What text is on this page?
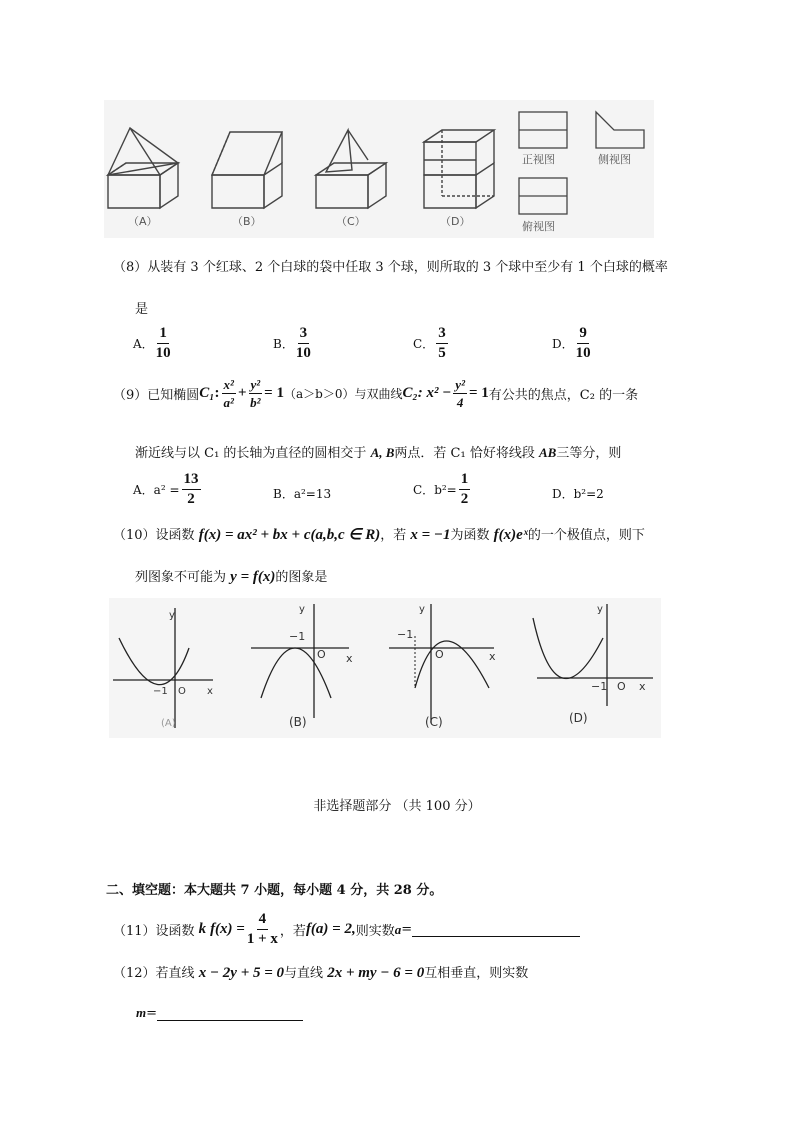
（A）	（B）	（C）	（D）
正视图	侧视图
俯视图
（8）从装有 3 个红球、2 个白球的袋中任取 3 个球，则所取的 3 个球中至少有 1 个白球的概率
是
A． $\frac{1}{10}$	B． $\frac{3}{10}$	C． $\frac{3}{5}$	D． $\frac{9}{10}$
（9） 已知椭圆 C₁ : $\frac{\text{x²}}{\text{a²}} + \frac{\text{y²}}{\text{b²}} = 1$ （a＞b＞0）与双曲线 C₂ : $x^2 - \frac{\text{y²}}{4} = 1$ 有公共的焦点，C₂ 的一条
渐近线与以 C₁ 的长轴为直径的圆相交于 A, B两点．若 C₁ 恰好将线段 AB三等分，则
A． $a^2 = \frac{13}{2}$	B． a²=13	C． $b^2= \frac{1}{2}$	D． b²=2
（10）设函数 f(x) = ax² + bx + c(a,b,c ∈ R)，若 x = −1为函数 f(x)eˣ的一个极值点，则下
列图象不可能为 y = f(x)的图象是
y
−1 O x
(A)
y
−1
O x
(B)
y
−1
O	x
(C)
y
−1 O x
(D)
非选择题部分 （共 100 分）
二、填空题：本大题共 7 小题，每小题 4 分，共 28 分。
（11） 设函数 k $f(x) = \frac{4}{1 + x}$ ，若 f(a) = 2, 则实数 a =
（12）若直线 x − 2y + 5 = 0与直线 2x + my − 6 = 0互相垂直，则实数
m=
